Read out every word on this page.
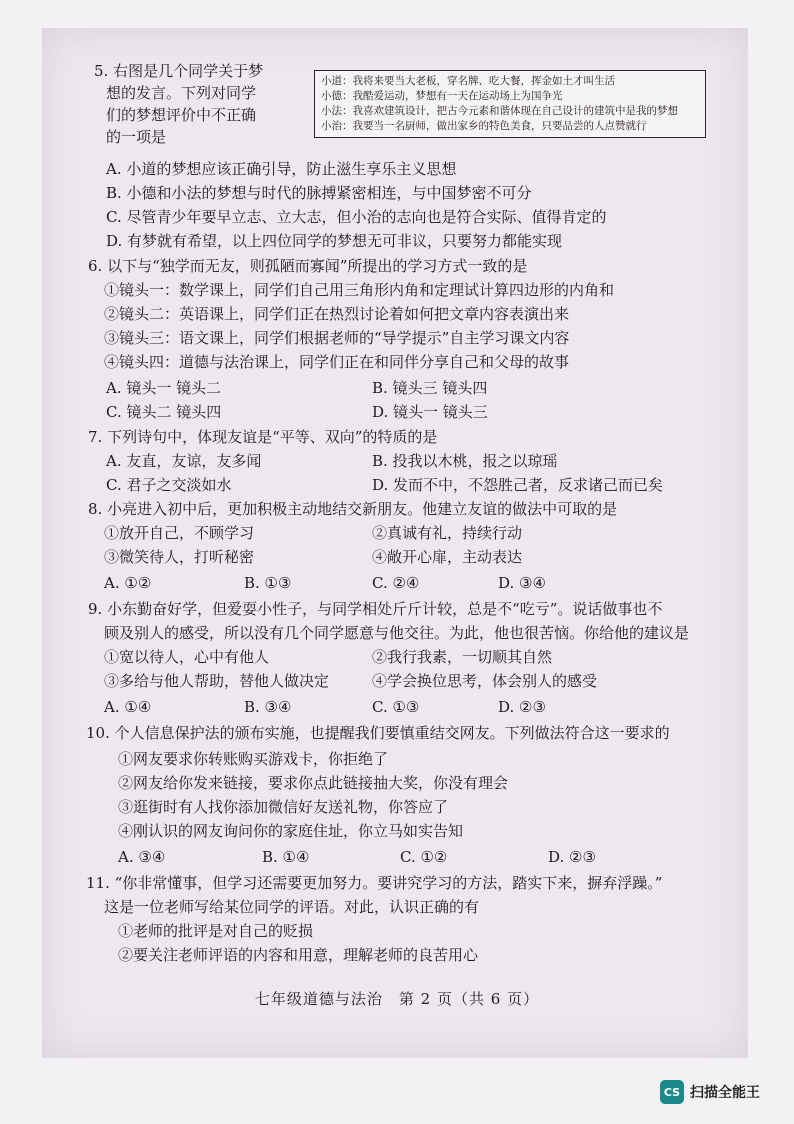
5. 右图是几个同学关于梦
想的发言。下列对同学
们的梦想评价中不正确
的一项是
小道：我将来要当大老板，穿名牌、吃大餐，挥金如土才叫生活
小德：我酷爱运动，梦想有一天在运动场上为国争光
小法：我喜欢建筑设计，把古今元素和谐体现在自己设计的建筑中是我的梦想
小治：我要当一名厨师，做出家乡的特色美食，只要品尝的人点赞就行
A. 小道的梦想应该正确引导，防止滋生享乐主义思想
B. 小德和小法的梦想与时代的脉搏紧密相连，与中国梦密不可分
C. 尽管青少年要早立志、立大志，但小治的志向也是符合实际、值得肯定的
D. 有梦就有希望，以上四位同学的梦想无可非议，只要努力都能实现
6. 以下与“独学而无友，则孤陋而寡闻”所提出的学习方式一致的是
①镜头一：数学课上，同学们自己用三角形内角和定理试计算四边形的内角和
②镜头二：英语课上，同学们正在热烈讨论着如何把文章内容表演出来
③镜头三：语文课上，同学们根据老师的“导学提示”自主学习课文内容
④镜头四：道德与法治课上，同学们正在和同伴分享自己和父母的故事
A. 镜头一 镜头二	B. 镜头三 镜头四
C. 镜头二 镜头四	D. 镜头一 镜头三
7. 下列诗句中，体现友谊是“平等、双向”的特质的是
A. 友直，友谅，友多闻	B. 投我以木桃，报之以琼瑶
C. 君子之交淡如水	D. 发而不中，不怨胜己者，反求诸己而已矣
8. 小亮进入初中后，更加积极主动地结交新朋友。他建立友谊的做法中可取的是
①放开自己，不顾学习	②真诚有礼，持续行动
③微笑待人，打听秘密	④敞开心扉，主动表达
A. ①②	B. ①③	C. ②④	D. ③④
9. 小东勤奋好学，但爱耍小性子，与同学相处斤斤计较，总是不“吃亏”。说话做事也不
顾及别人的感受，所以没有几个同学愿意与他交往。为此，他也很苦恼。你给他的建议是
①宽以待人，心中有他人	②我行我素，一切顺其自然
③多给与他人帮助，替他人做决定	④学会换位思考，体会别人的感受
A. ①④	B. ③④	C. ①③	D. ②③
10. 个人信息保护法的颁布实施，也提醒我们要慎重结交网友。下列做法符合这一要求的
①网友要求你转账购买游戏卡，你拒绝了
②网友给你发来链接，要求你点此链接抽大奖，你没有理会
③逛街时有人找你添加微信好友送礼物，你答应了
④刚认识的网友询问你的家庭住址，你立马如实告知
A. ③④	B. ①④	C. ①②	D. ②③
11. “你非常懂事，但学习还需要更加努力。要讲究学习的方法，踏实下来，摒弃浮躁。”
这是一位老师写给某位同学的评语。对此，认识正确的有
①老师的批评是对自己的贬损
②要关注老师评语的内容和用意，理解老师的良苦用心
七年级道德与法治　第 2 页（共 6 页）
CS 扫描全能王
